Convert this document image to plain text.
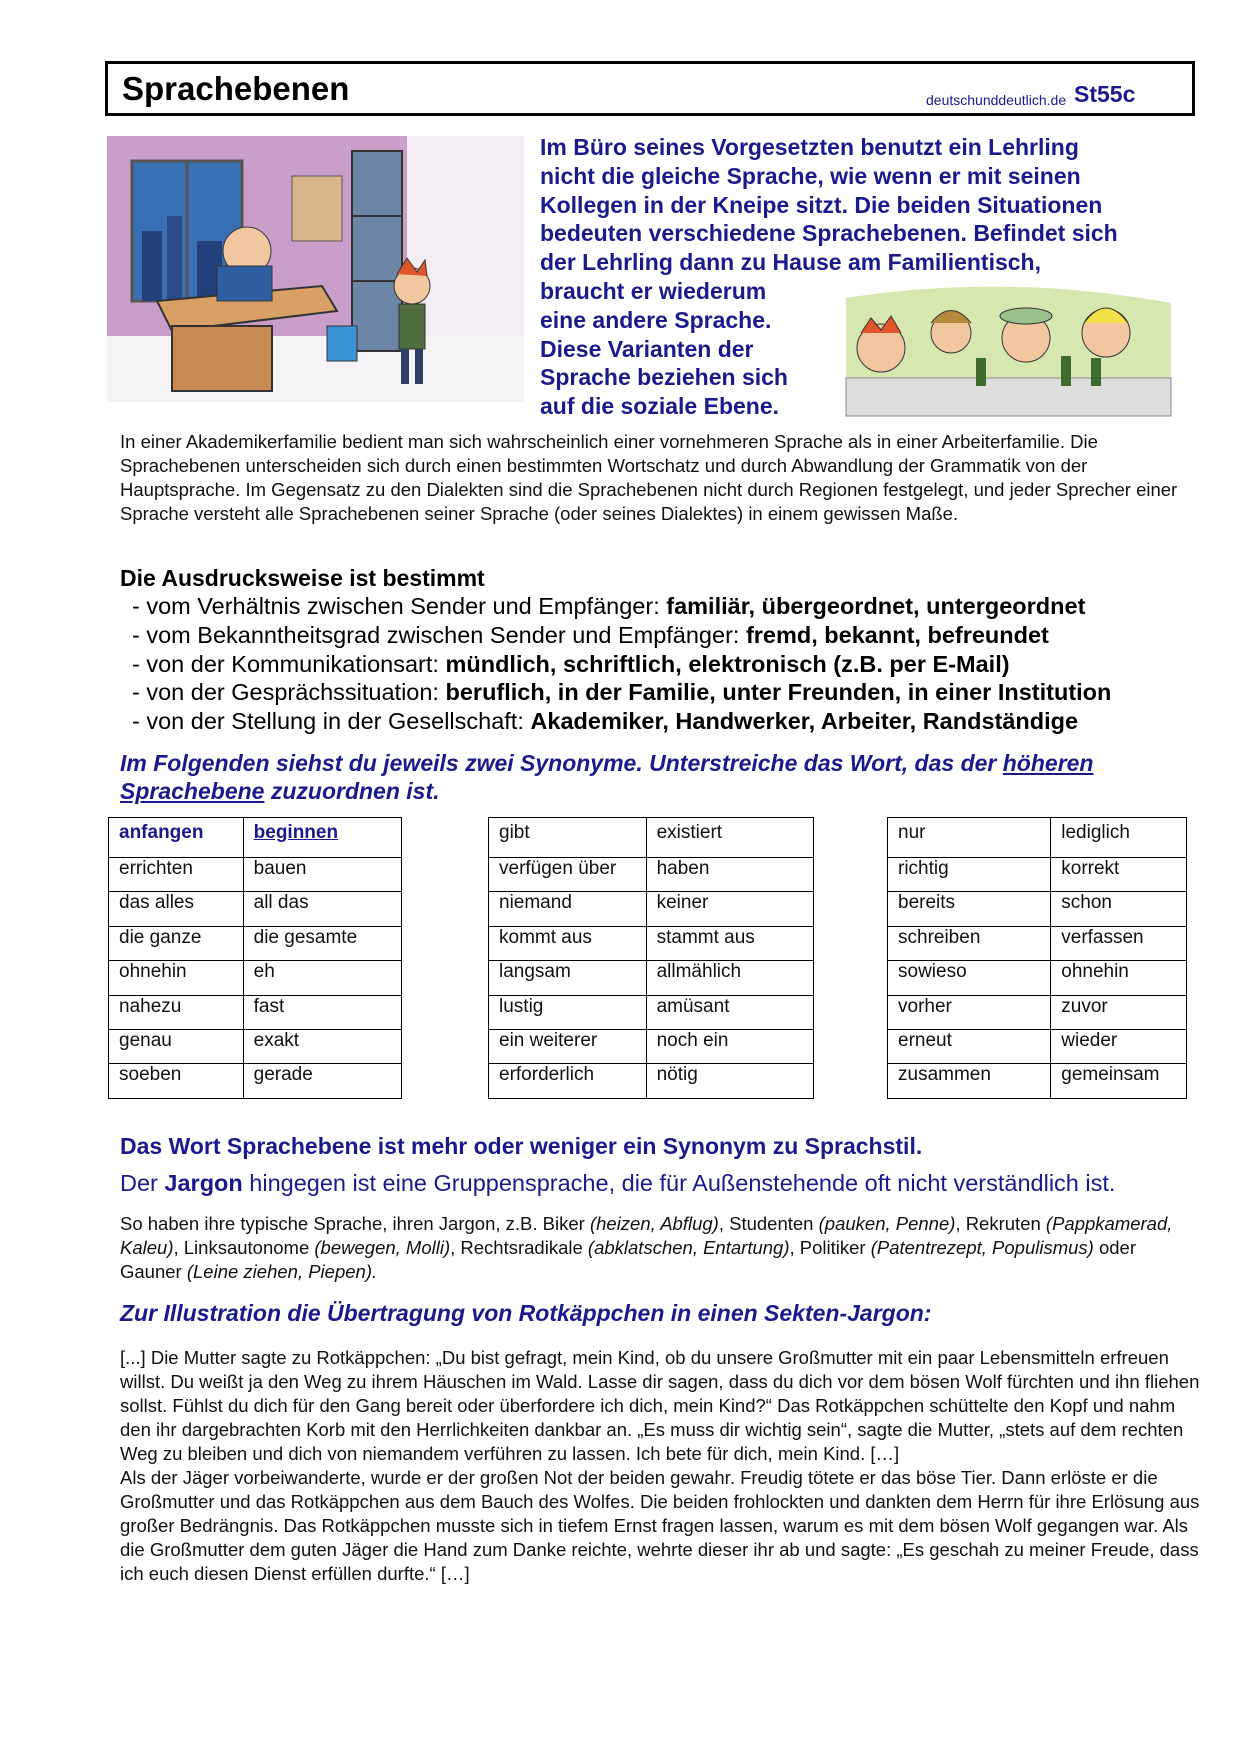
Sprachebenen	deutschunddeutlich.de St55c
Im Büro seines Vorgesetzten benutzt ein Lehrling
nicht die gleiche Sprache, wie wenn er mit seinen
Kollegen in der Kneipe sitzt. Die beiden Situationen
bedeuten verschiedene Sprachebenen. Befindet sich
der Lehrling dann zu Hause am Familientisch,
braucht er wiederum
eine andere Sprache.
Diese Varianten der
Sprache beziehen sich
auf die soziale Ebene.
In einer Akademikerfamilie bedient man sich wahrscheinlich einer vornehmeren Sprache als in einer Arbeiterfamilie. Die Sprachebenen unterscheiden sich durch einen bestimmten Wortschatz und durch Abwandlung der Grammatik von der Hauptsprache. Im Gegensatz zu den Dialekten sind die Sprachebenen nicht durch Regionen festgelegt, und jeder Sprecher einer Sprache versteht alle Sprachebenen seiner Sprache (oder seines Dialektes) in einem gewissen Maße.
Die Ausdrucksweise ist bestimmt
- vom Verhältnis zwischen Sender und Empfänger: familiär, übergeordnet, untergeordnet
- vom Bekanntheitsgrad zwischen Sender und Empfänger: fremd, bekannt, befreundet
- von der Kommunikationsart: mündlich, schriftlich, elektronisch (z.B. per E-Mail)
- von der Gesprächssituation: beruflich, in der Familie, unter Freunden, in einer Institution
- von der Stellung in der Gesellschaft: Akademiker, Handwerker, Arbeiter, Randständige
Im Folgenden siehst du jeweils zwei Synonyme. Unterstreiche das Wort, das der höheren
Sprachebene zuzuordnen ist.
anfangen	beginnen
errichten	bauen
das alles	all das
die ganze	die gesamte
ohnehin	eh
nahezu	fast
genau	exakt
soeben	gerade
gibt	existiert
verfügen über	haben
niemand	keiner
kommt aus	stammt aus
langsam	allmählich
lustig	amüsant
ein weiterer	noch ein
erforderlich	nötig
nur	lediglich
richtig	korrekt
bereits	schon
schreiben	verfassen
sowieso	ohnehin
vorher	zuvor
erneut	wieder
zusammen	gemeinsam
Das Wort Sprachebene ist mehr oder weniger ein Synonym zu Sprachstil.
Der Jargon hingegen ist eine Gruppensprache, die für Außenstehende oft nicht verständlich ist.
So haben ihre typische Sprache, ihren Jargon, z.B. Biker (heizen, Abflug), Studenten (pauken, Penne), Rekruten (Pappkamerad, Kaleu), Linksautonome (bewegen, Molli), Rechtsradikale (abklatschen, Entartung), Politiker (Patentrezept, Populismus) oder Gauner (Leine ziehen, Piepen).
Zur Illustration die Übertragung von Rotkäppchen in einen Sekten-Jargon:
[...] Die Mutter sagte zu Rotkäppchen: „Du bist gefragt, mein Kind, ob du unsere Großmutter mit ein paar Lebensmitteln erfreuen willst. Du weißt ja den Weg zu ihrem Häuschen im Wald. Lasse dir sagen, dass du dich vor dem bösen Wolf fürchten und ihn fliehen sollst. Fühlst du dich für den Gang bereit oder überfordere ich dich, mein Kind?“ Das Rotkäppchen schüttelte den Kopf und nahm den ihr dargebrachten Korb mit den Herrlichkeiten dankbar an. „Es muss dir wichtig sein“, sagte die Mutter, „stets auf dem rechten Weg zu bleiben und dich von niemandem verführen zu lassen. Ich bete für dich, mein Kind. […]
Als der Jäger vorbeiwanderte, wurde er der großen Not der beiden gewahr. Freudig tötete er das böse Tier. Dann erlöste er die Großmutter und das Rotkäppchen aus dem Bauch des Wolfes. Die beiden frohlockten und dankten dem Herrn für ihre Erlösung aus großer Bedrängnis. Das Rotkäppchen musste sich in tiefem Ernst fragen lassen, warum es mit dem bösen Wolf gegangen war. Als die Großmutter dem guten Jäger die Hand zum Danke reichte, wehrte dieser ihr ab und sagte: „Es geschah zu meiner Freude, dass ich euch diesen Dienst erfüllen durfte.“ […]
